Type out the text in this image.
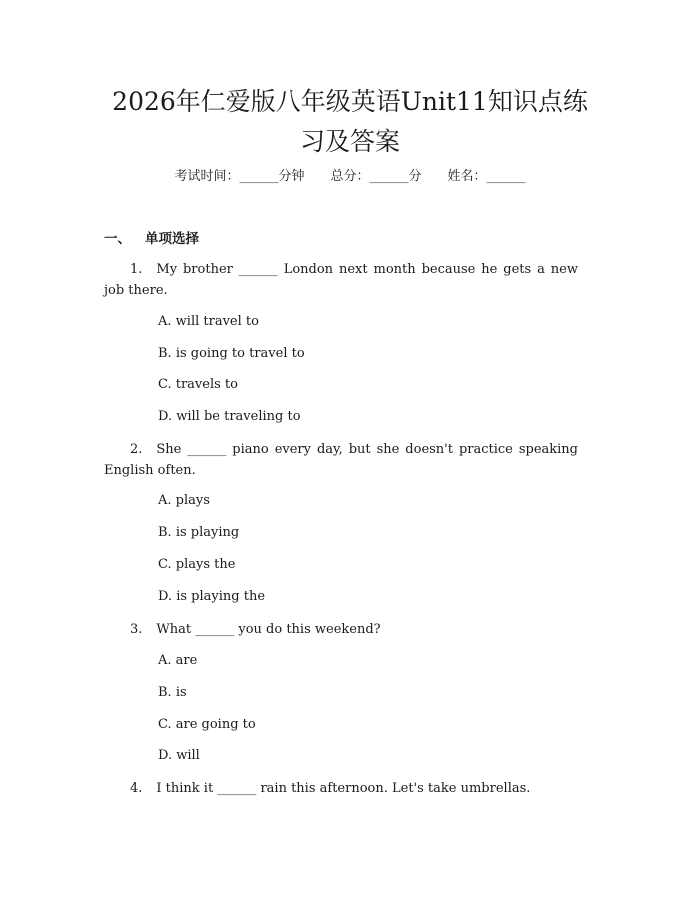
2026年仁爱版八年级英语Unit11知识点练
习及答案
考试时间：______分钟 总分：______分 姓名：______
一、 单项选择
1. My brother ______ London next month because he gets a new job there.
A. will travel to
B. is going to travel to
C. travels to
D. will be traveling to
2. She ______ piano every day, but she doesn't practice speaking English often.
A. plays
B. is playing
C. plays the
D. is playing the
3. What ______ you do this weekend?
A. are
B. is
C. are going to
D. will
4. I think it ______ rain this afternoon. Let's take umbrellas.
